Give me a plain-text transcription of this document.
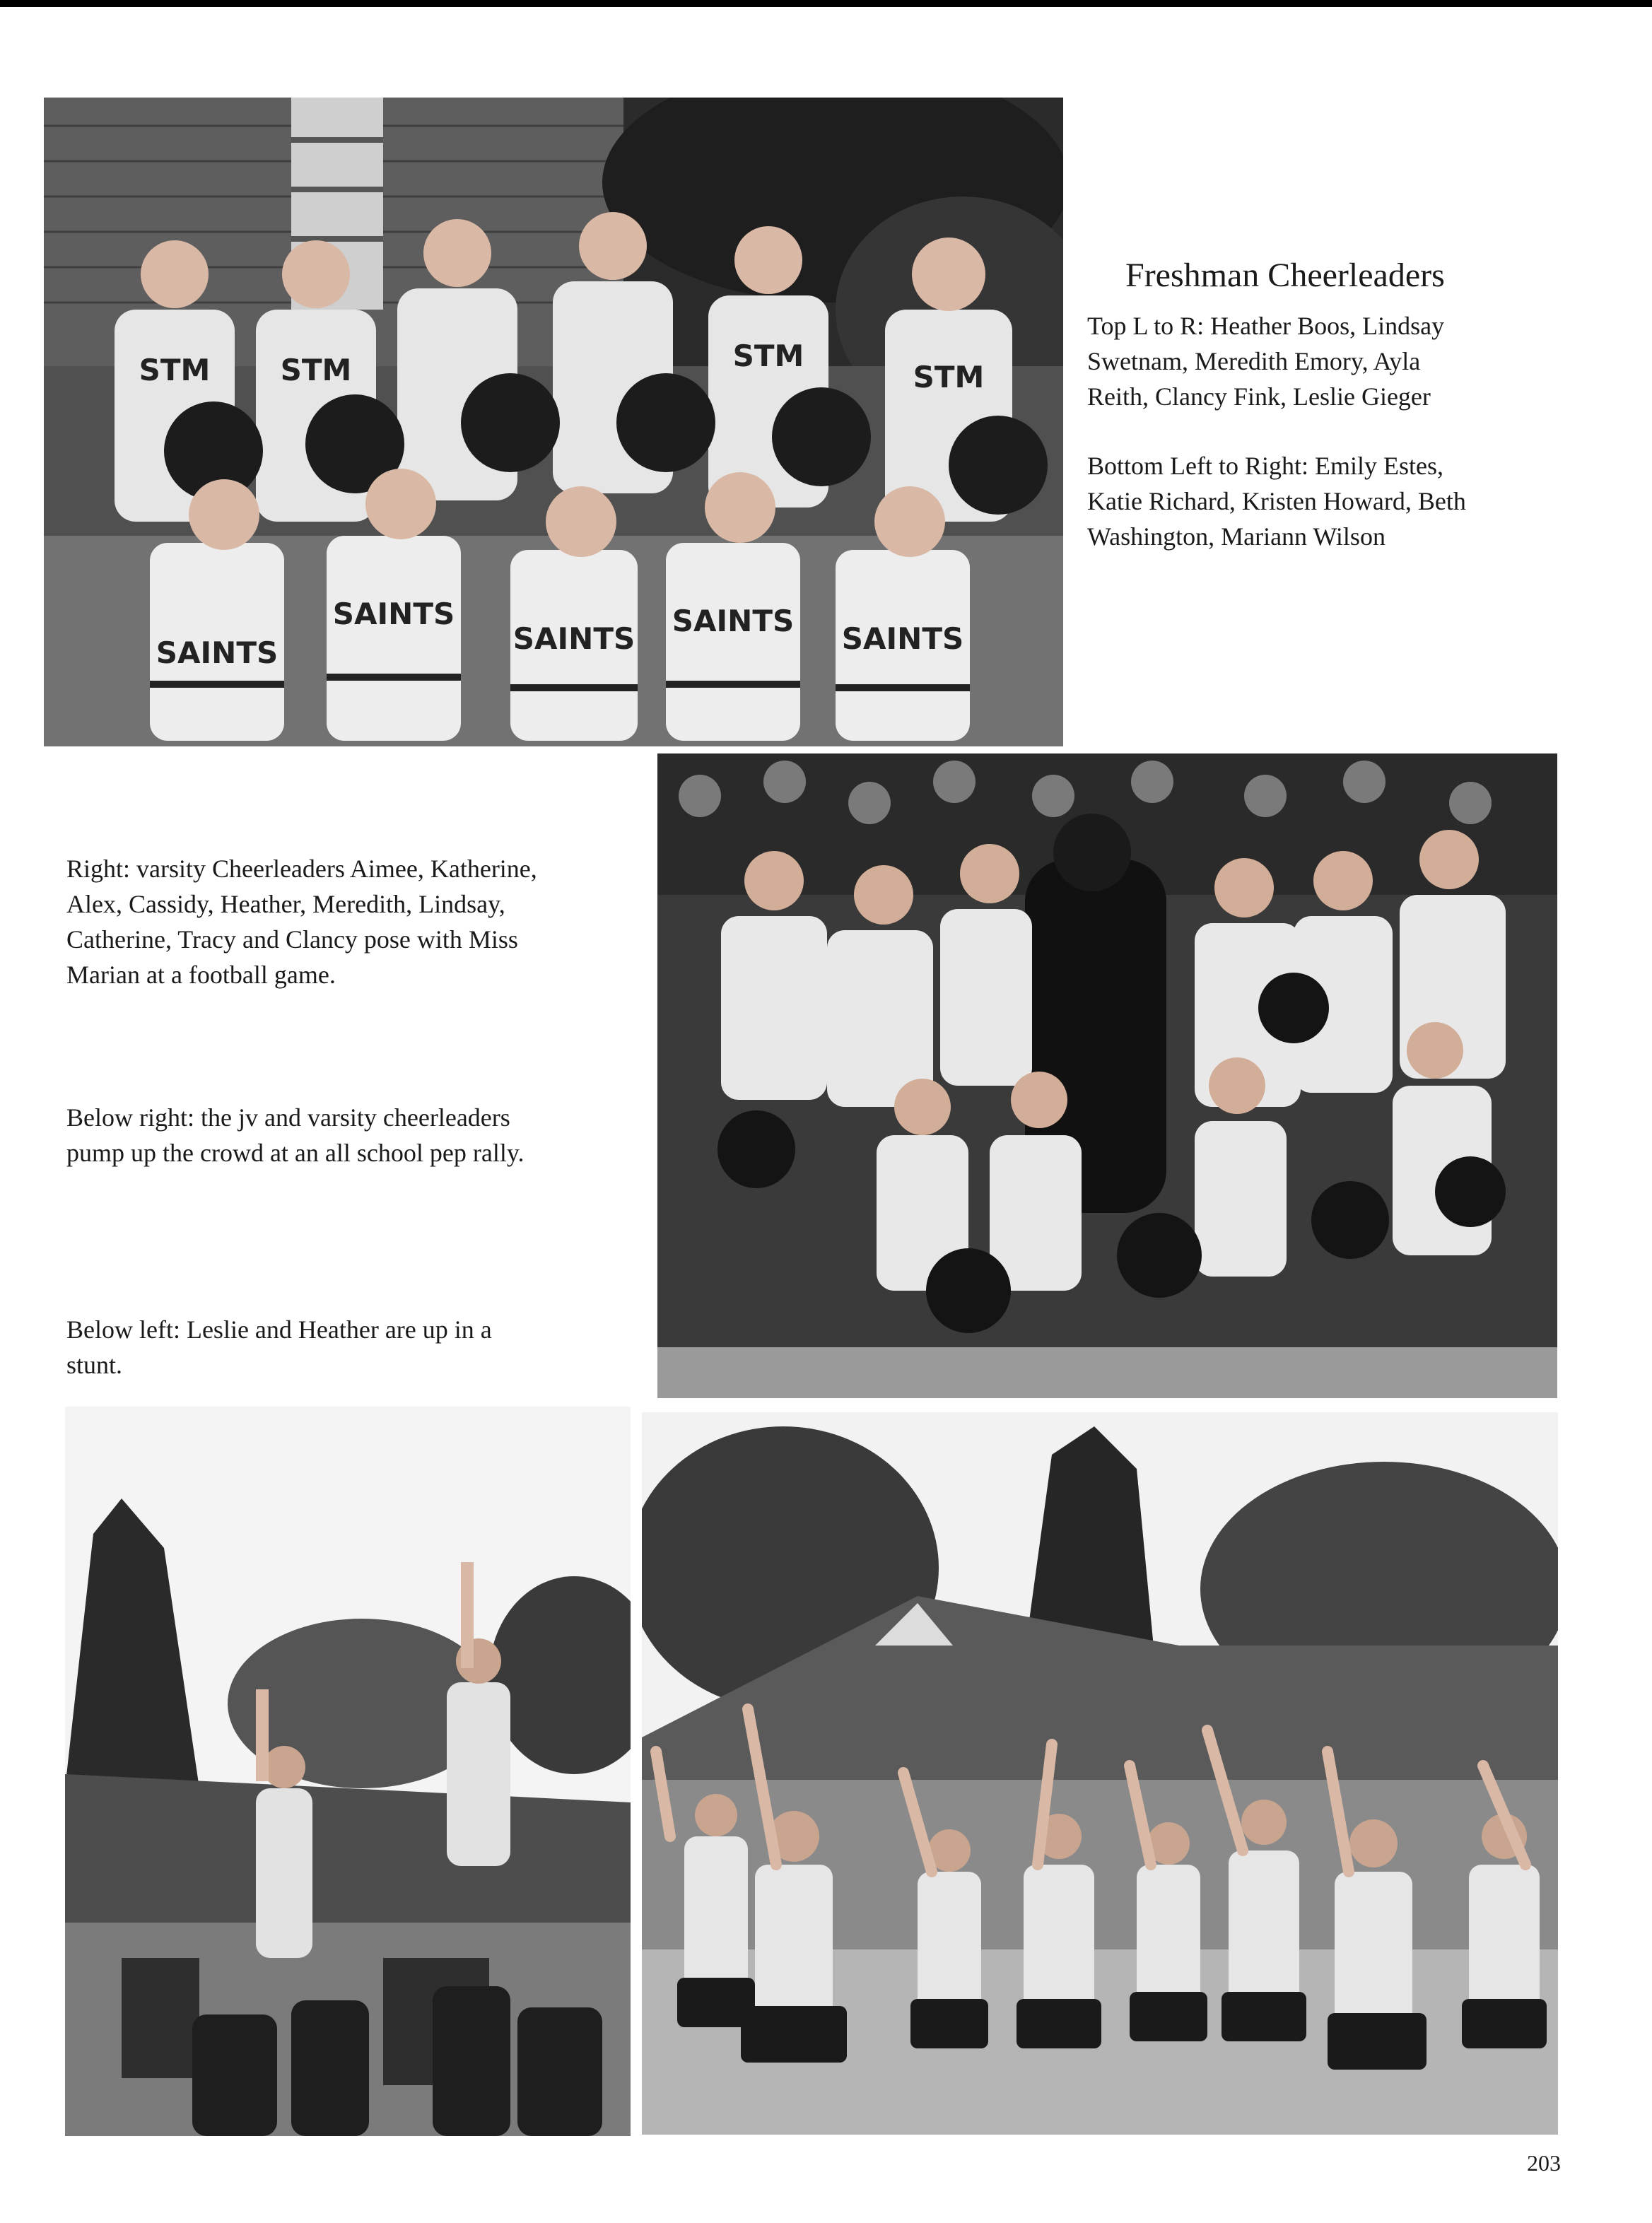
STM STM	STM
STM
SAINTS
SAINTS
SAINTS
SAINTS
SAINTS
Freshman Cheerleaders
Top L to R: Heather Boos, Lindsay
Swetnam, Meredith Emory, Ayla
Reith, Clancy Fink, Leslie Gieger
Bottom Left to Right: Emily Estes,
Katie Richard, Kristen Howard, Beth
Washington, Mariann Wilson
Right: varsity Cheerleaders Aimee, Katherine,
Alex, Cassidy, Heather, Meredith, Lindsay,
Catherine, Tracy and Clancy pose with Miss
Marian at a football game.
Below right: the jv and varsity cheerleaders
pump up the crowd at an all school pep rally.
Below left: Leslie and Heather are up in a
stunt.
203
